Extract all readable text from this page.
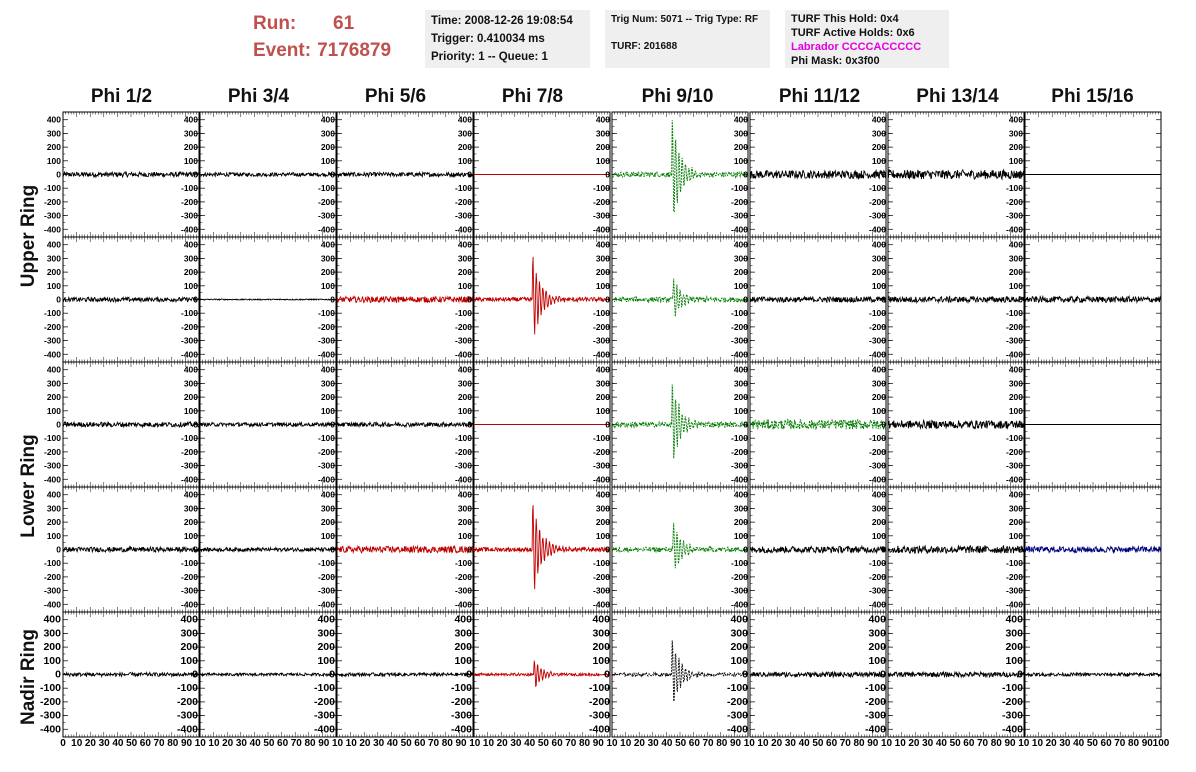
Run:	61
Event: 7176879
Time: 2008-12-26 19:08:54
Trigger: 0.410034 ms
Priority: 1 -- Queue: 1
Trig Num: 5071 -- Trig Type: RF
TURF: 201688
TURF This Hold: 0x4
TURF Active Holds: 0x6
Labrador CCCCACCCCC
Phi Mask: 0x3f00
Phi 1/2	Phi 3/4	Phi 5/6	Phi 7/8	Phi 9/10	Phi 11/12	Phi 13/14	Phi 15/16
Upper Ring
Lower Ring
Nadir Ring
400
300
200
100
0
-100
-200
-300
-400
400
300
200
100
0
-100
-200
-300
-400
400
300
200
100
0
-100
-200
-300
-400
400
300
200
100
0
-100
-200
-300
-400
400
300
200
100
0
-100
-200
-300
-400
400
300
200
100
0
-100
-200
-300
-400
400
300
200
100
0
-100
-200
-300
-400
400
300
200
100
0
-100
-200
-300
-400
400
300
200
100
0
-100
-200
-300
-400
400
300
200
100
0
-100
-200
-300
-400
400
300
200
100
0
-100
-200
-300
-400
400
300
200
100
0
-100
-200
-300
-400
400
300
200
100
0
-100
-200
-300
-400
400
300
200
100
0
-100
-200
-300
-400
400
300
200
100
0
-100
-200
-300
-400
400
300
200
100
0
-100
-200
-300
-400
400
300
200
100
0
-100
-200
-300
-400
400
300
200
100
0
-100
-200
-300
-400
400
300
200
100
0
-100
-200
-300
-400
400
300
200
100
0
-100
-200
-300
-400
400
300
200
100
0
-100
-200
-300
-400
400
300
200
100
0
-100
-200
-300
-400
400
300
200
100
0
-100
-200
-300
-400
400
300
200
100
0
-100
-200
-300
-400
400
300
200
100
0
-100
-200
-300
-400
400
300
200
100
0
-100
-200
-300
-400
400
300
200
100
0
-100
-200
-300
-400
400
300
200
100
0
-100
-200
-300
-400
400
300
200
100
0
-100
-200
-300
-400
400
300
200
100
0
-100
-200
-300
-400
400
300
200
100
0
-100
-200
-300
-400
400
300
200
100
0
-100
-200
-300
-400
400
300
200
100
0
-100
-200
-300
-400
400
300
200
100
0
-100
-200
-300
-400
400
300
200
100
0
-100
-200
-300
-400
400
300
200
100
0
-100
-200
-300
-400
400
300
200
100
0
-100
-200
-300
-400
400
300
200
100
0
-100
-200
-300
-400
400
300
200
100
0
-100
-200
-300
-400
400
300
200
100
0
-100
-200
-300
-400
0 10 20 30 40 50 60 70 80 90 10 10 20 30 40 50 60 70 80 90 10 10 20 30 40 50 60 70 80 90 10 10 20 30 40 50 60 70 80 90 10 10 20 30 40 50 60 70 80 90 10 10 20 30 40 50 60 70 80 90 10 10 20 30 40 50 60 70 80 90 10 10 20 30 40 50 60 70 80 90 100
